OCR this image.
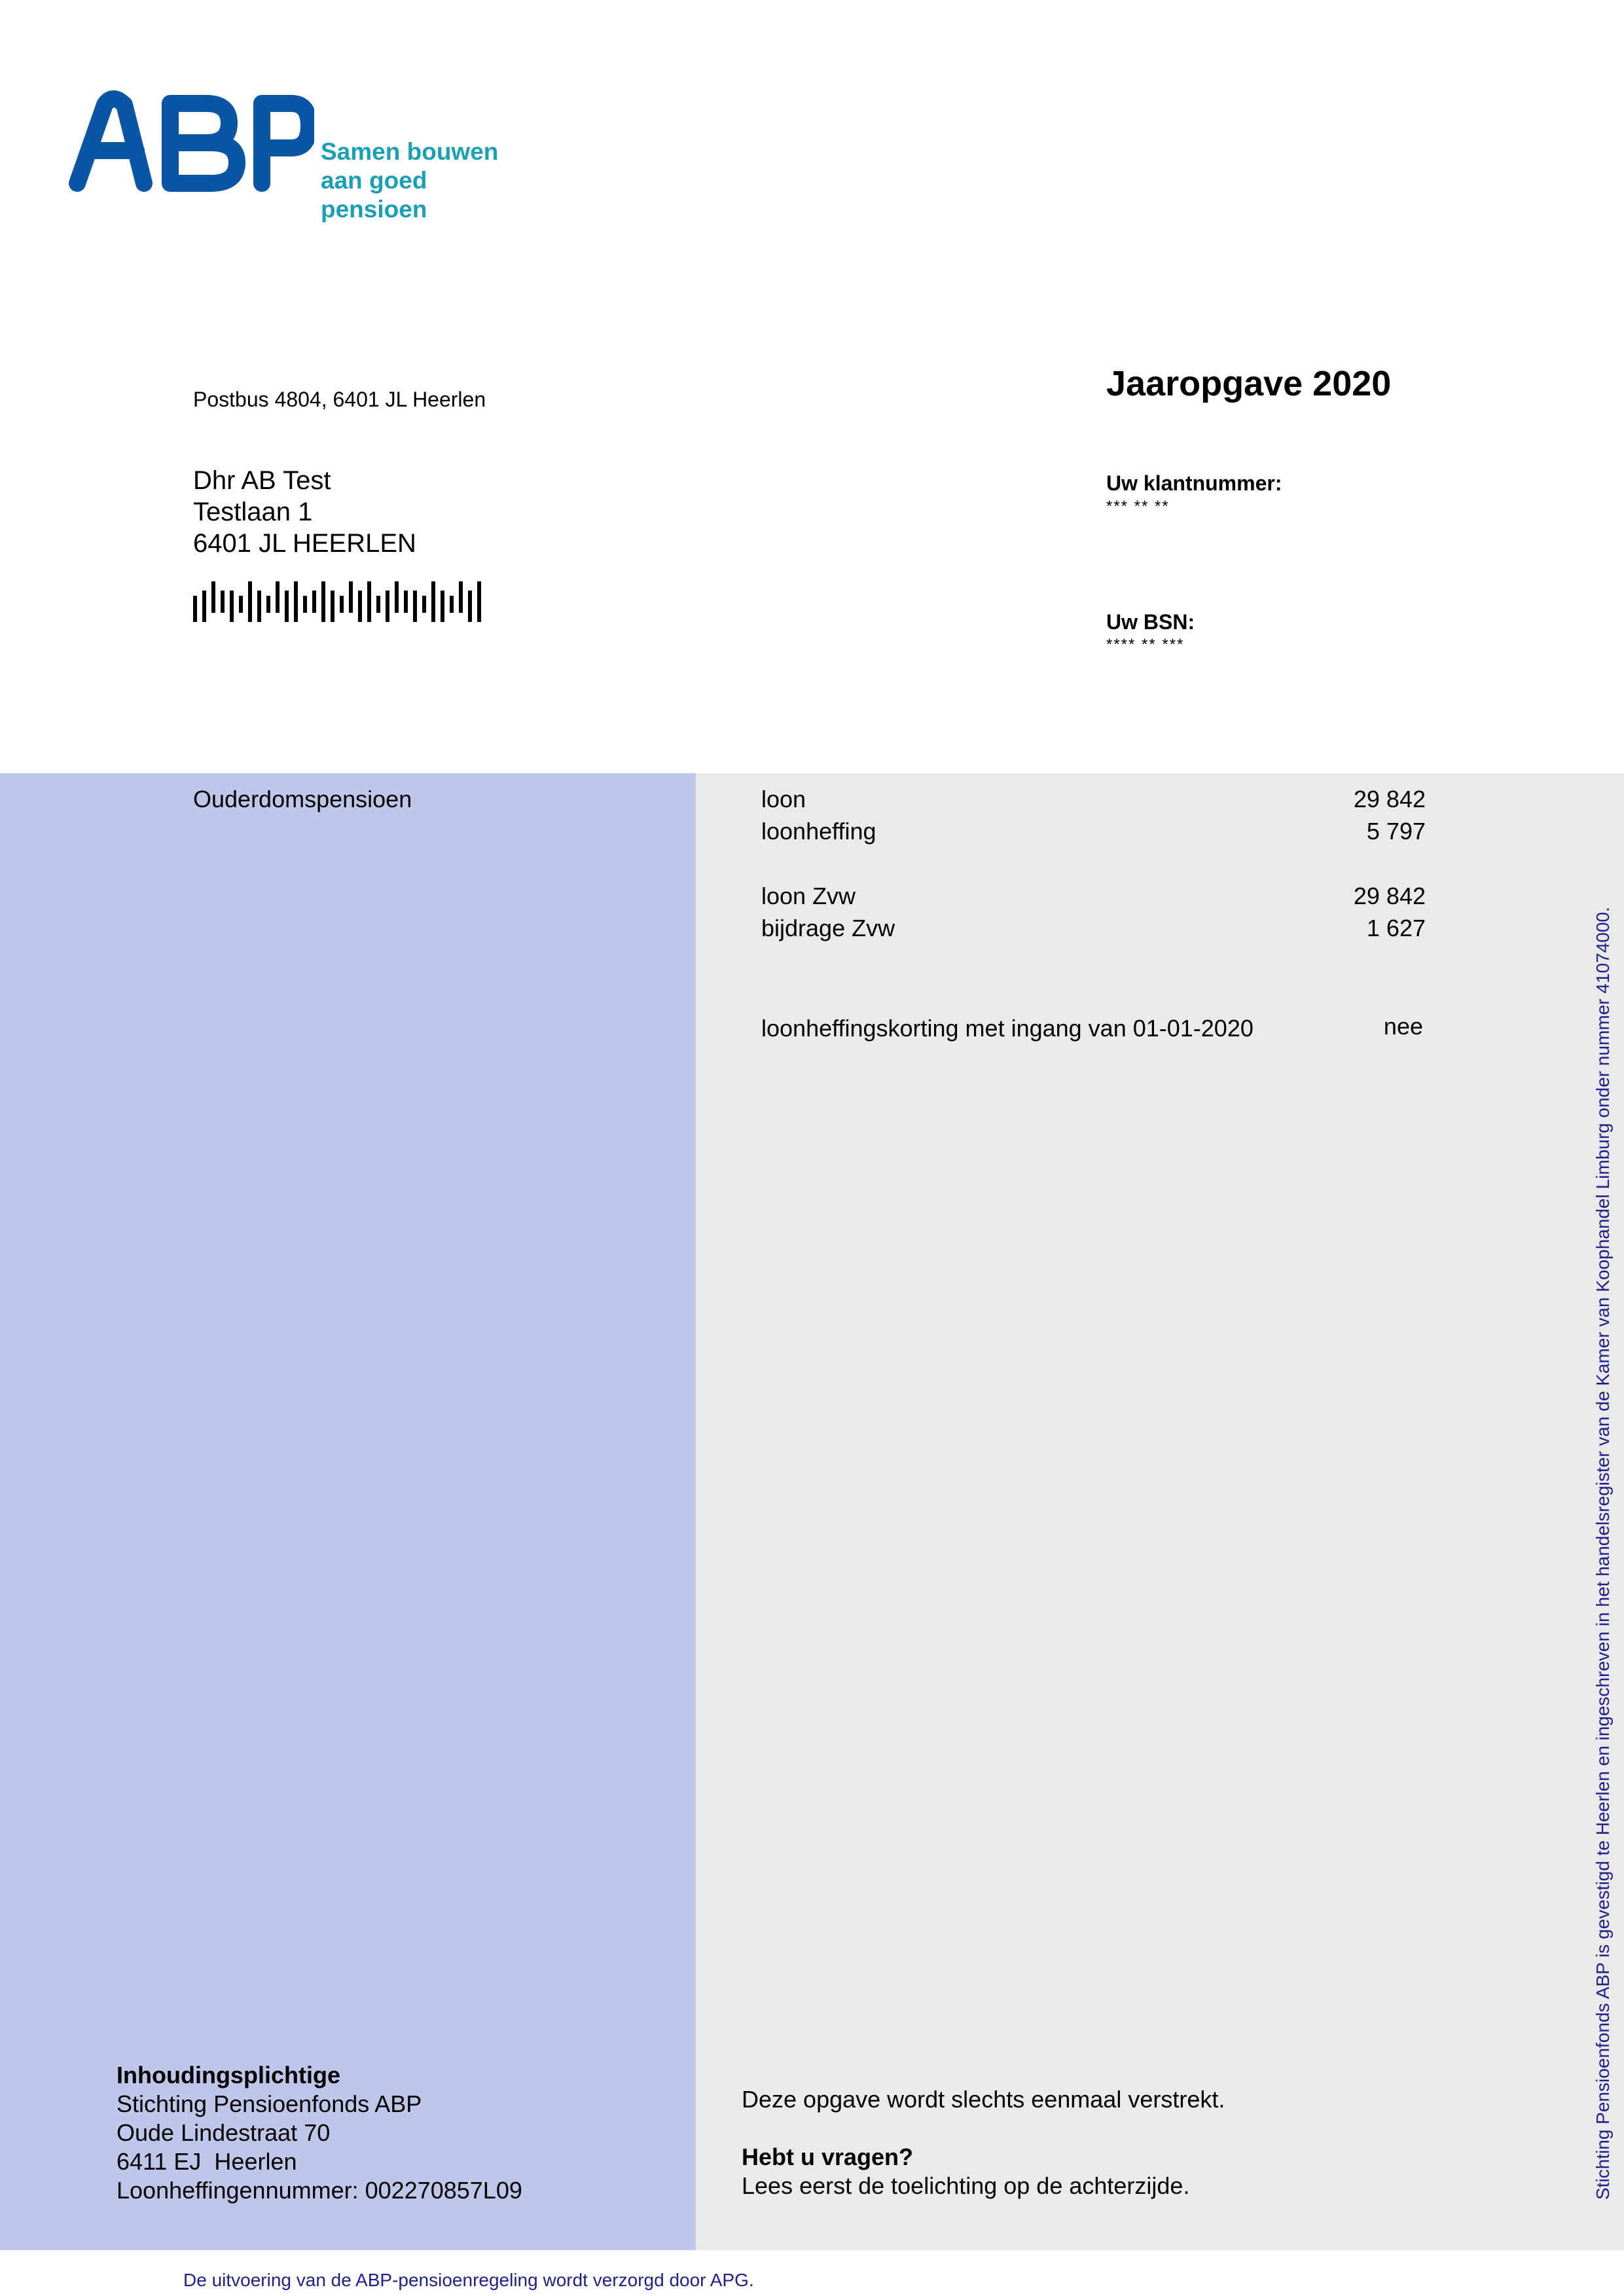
Samen bouwen
aan goed pensioen
Postbus 4804, 6401 JL Heerlen
Dhr AB Test
Testlaan 1
6401 JL HEERLEN
Jaaropgave 2020
Uw klantnummer:
*** ** **
Uw BSN:
**** ** ***
Ouderdomspensioen	loon	29 842
loonheffing	5 797
loon Zvw	29 842
bijdrage Zvw	1 627
loonheffingskorting met ingang van 01-01-2020	nee
Inhoudingsplichtige
Stichting Pensioenfonds ABP
Oude Lindestraat 70
6411 EJ  Heerlen
Loonheffingennummer: 002270857L09
Deze opgave wordt slechts eenmaal verstrekt.
Hebt u vragen?
Lees eerst de toelichting op de achterzijde.	Stichting Pensioenfonds ABP is gevestigd te Heerlen en ingeschreven in het handelsregister van de Kamer van Koophandel Limburg onder nummer 41074000.
De uitvoering van de ABP-pensioenregeling wordt verzorgd door APG.
